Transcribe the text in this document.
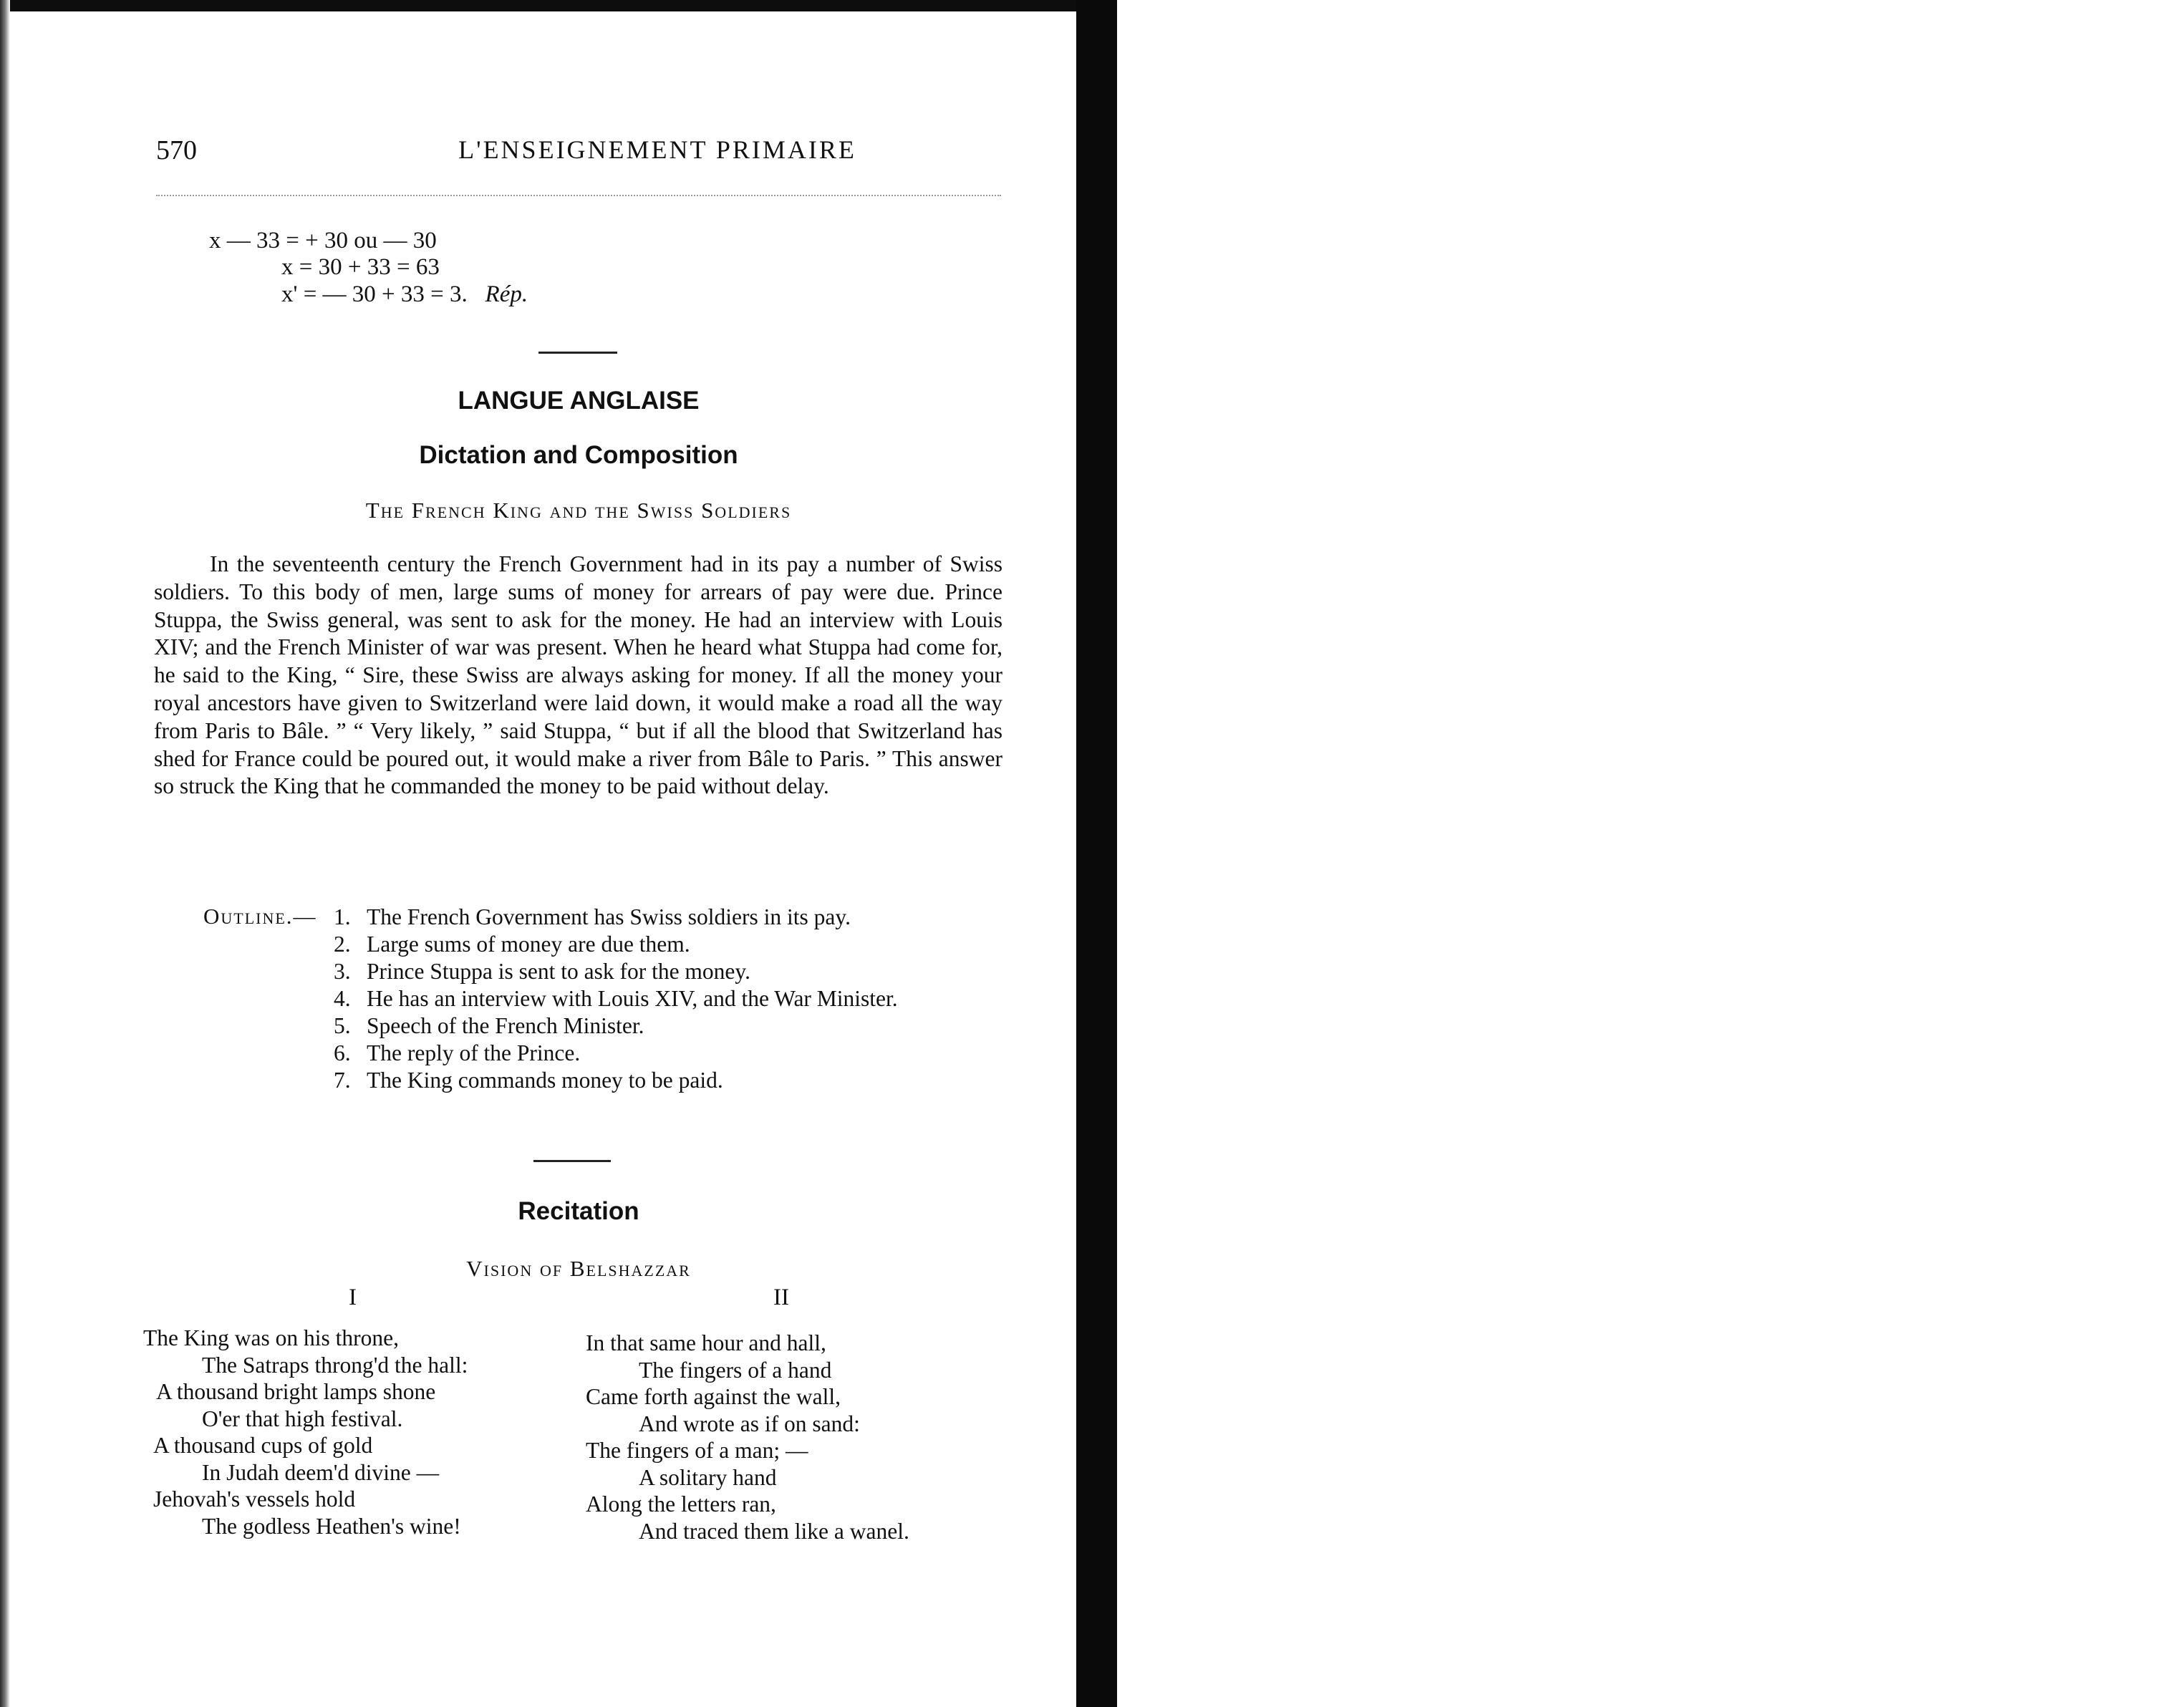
«
u
570	L'ENSEIGNEMENT PRIMAIRE
x — 33 = + 30 ou — 30
x = 30 + 33 = 63
x' = — 30 + 33 = 3. Rép.
LANGUE ANGLAISE
Dictation and Composition
The French King and the Swiss Soldiers

In the seventeenth century the French Government had in its pay a number of Swiss soldiers. To this body of men, large sums of money for arrears of pay were due. Prince Stuppa, the Swiss general, was sent to ask for the money. He had an interview with Louis XIV; and the French Minister of war was present. When he heard what Stuppa had come for, he said to the King, “ Sire, these Swiss are always asking for money. If all the money your royal ancestors have given to Switzerland were laid down, it would make a road all the way from Paris to Bâle. ” “ Very likely, ” said Stuppa, “ but if all the blood that Switzerland has shed for France could be poured out, it would make a river from Bâle to Paris. ” This answer so struck the King that he commanded the money to be paid without delay.

Outline.— 1. The French Government has Swiss soldiers in its pay.
2. Large sums of money are due them.
3. Prince Stuppa is sent to ask for the money.
4. He has an interview with Louis XIV, and the War Minister.
5. Speech of the French Minister.
6. The reply of the Prince.
7. The King commands money to be paid.
Recitation
Vision of Belshazzar
I	II
The King was on his throne,
The Satraps throng'd the hall:
A thousand bright lamps shone
O'er that high festival.
A thousand cups of gold
In Judah deem'd divine —
Jehovah's vessels hold
The godless Heathen's wine!
In that same hour and hall,
The fingers of a hand
Came forth against the wall,
And wrote as if on sand:
The fingers of a man; —
A solitary hand
Along the letters ran,
And traced them like a wanel.
